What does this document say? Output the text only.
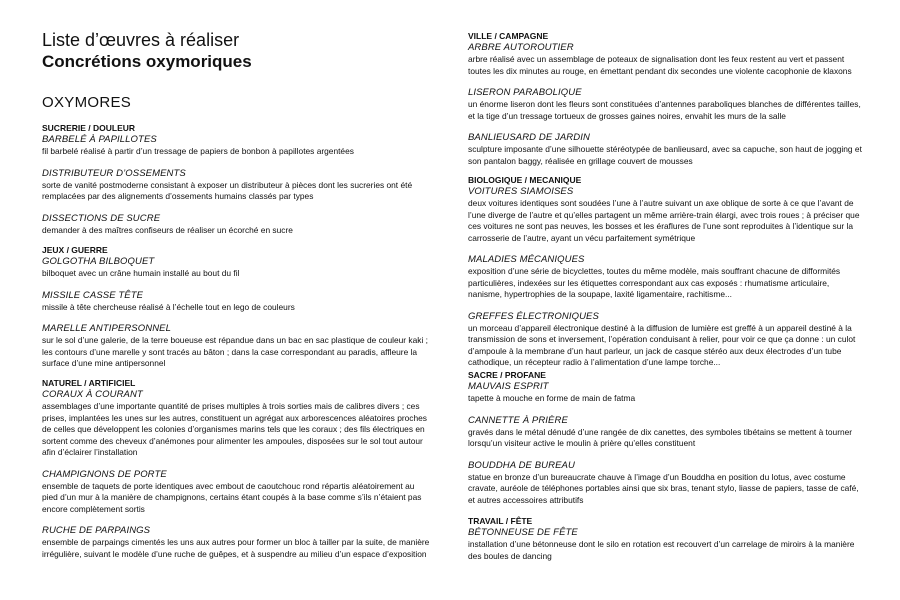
Liste d’œuvres à réaliser
Concrétions oxymoriques
OXYMORES
SUCRERIE / DOULEUR
BARBELÉ À PAPILLOTES
fil barbelé réalisé à partir d’un tressage de papiers de bonbon à papillotes argentées
DISTRIBUTEUR D’OSSEMENTS
sorte de vanité postmoderne consistant à exposer un distributeur à pièces dont les sucreries ont été remplacées par des alignements d’ossements humains classés par types
DISSECTIONS DE SUCRE
demander à des maîtres confiseurs de réaliser un écorché en sucre
JEUX / GUERRE
GOLGOTHA BILBOQUET
bilboquet avec un crâne humain installé au bout du fil
MISSILE CASSE TÊTE
missile à tête chercheuse réalisé à l’échelle tout en lego de couleurs
MARELLE ANTIPERSONNEL
sur le sol d’une galerie, de la terre boueuse est répandue dans un bac en sac plastique de couleur kaki ; les contours d’une marelle y sont tracés au bâton ; dans la case correspondant au paradis, affleure la surface d’une mine antipersonnel
NATUREL / ARTIFICIEL
CORAUX À COURANT
assemblages d’une importante quantité de prises multiples à trois sorties mais de calibres divers ; ces prises, implantées les unes sur les autres, constituent un agrégat aux arborescences aléatoires proches de celles que développent les colonies d’organismes marins tels que les coraux ; des fils électriques en sortent comme des cheveux d’anémones pour alimenter les ampoules, disposées sur le sol tout autour afin d’éclairer l’installation
CHAMPIGNONS DE PORTE
ensemble de taquets de porte identiques avec embout de caoutchouc rond répartis aléatoirement au pied d’un mur à la manière de champignons, certains étant coupés à la base comme s’ils n’étaient pas encore complètement sortis
RUCHE DE PARPAINGS
ensemble de parpaings cimentés les uns aux autres pour former un bloc à tailler par la suite, de manière irrégulière, suivant le modèle d’une ruche de guêpes, et à suspendre au milieu d’un espace d’exposition
VILLE / CAMPAGNE
ARBRE AUTOROUTIER
arbre réalisé avec un assemblage de poteaux de signalisation dont les feux restent au vert et passent toutes les dix minutes au rouge, en émettant pendant dix secondes une violente cacophonie de klaxons
LISERON PARABOLIQUE
un énorme liseron dont les fleurs sont constituées d’antennes paraboliques blanches de différentes tailles, et la tige d’un tressage tortueux de grosses gaines noires, envahit les murs de la salle
BANLIEUSARD DE JARDIN
sculpture imposante d’une silhouette stéréotypée de banlieusard, avec sa capuche, son haut de jogging et son pantalon baggy, réalisée en grillage couvert de mousses
BIOLOGIQUE / MECANIQUE
VOITURES SIAMOISES
deux voitures identiques sont soudées l’une à l’autre suivant un axe oblique de sorte à ce que l’avant de l’une diverge de l’autre et qu’elles partagent un même arrière-train élargi, avec trois roues ; à préciser que ces voitures ne sont pas neuves, les bosses et les éraflures de l’une sont reproduites à l’identique sur la carrosserie de l’autre, ayant un vécu parfaitement symétrique
MALADIES MÉCANIQUES
exposition d’une série de bicyclettes, toutes du même modèle, mais souffrant chacune de difformités particulières, indexées sur les étiquettes correspondant aux cas exposés : rhumatisme articulaire, nanisme, hypertrophies de la soupape, laxité ligamentaire, rachitisme...
GREFFES ÉLECTRONIQUES
un morceau d’appareil électronique destiné à la diffusion de lumière est greffé à un appareil destiné à la transmission de sons et inversement, l’opération conduisant à relier, pour voir ce que ça donne : un culot d’ampoule à la membrane d’un haut parleur, un jack de casque stéréo aux deux électrodes d’un tube cathodique, un récepteur radio à l’alimentation d’une lampe torche...
SACRE / PROFANE
MAUVAIS ESPRIT
tapette à mouche en forme de main de fatma
CANNETTE À PRIÈRE
gravés dans le métal dénudé d’une rangée de dix canettes, des symboles tibétains se mettent à tourner lorsqu’un visiteur active le moulin à prière qu’elles constituent
BOUDDHA DE BUREAU
statue en bronze d’un bureaucrate chauve à l’image d’un Bouddha en position du lotus, avec costume cravate, auréole de téléphones portables ainsi que six bras, tenant stylo, liasse de papiers, tasse de café, et autres accessoires attributifs
TRAVAIL / FÊTE
BÉTONNEUSE DE FÊTE
installation d’une bétonneuse dont le silo en rotation est recouvert d’un carrelage de miroirs à la manière des boules de dancing
